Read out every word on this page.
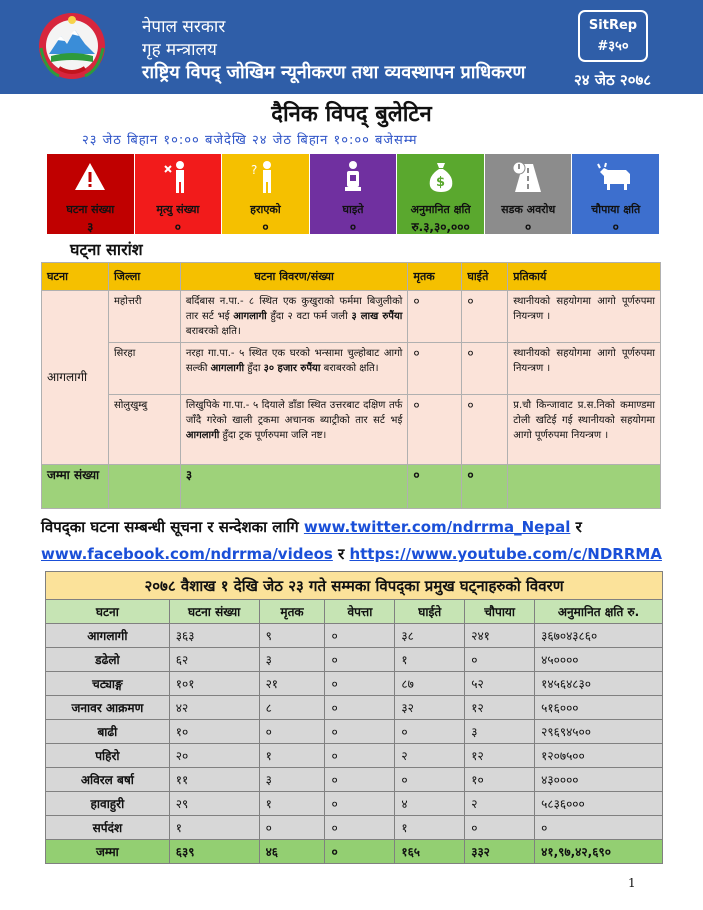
नेपाल सरकार
गृह मन्त्रालय
राष्ट्रिय विपद् जोखिम न्यूनीकरण तथा व्यवस्थापन प्राधिकरण
SitRep
#३५०
२४ जेठ २०७८
दैनिक विपद् बुलेटिन
२३ जेठ बिहान १०:०० बजेदेखि २४ जेठ बिहान १०:०० बजेसम्म
घटना संख्या
३
मृत्यु संख्या
०
?
हराएको
०
घाइते
०
$
अनुमानित क्षति
रु.३,३०,०००
सडक अवरोध
०
चौपाया क्षति
०
घट्ना सारांश
घटना	जिल्ला	घटना विवरण/संख्या	मृतक	घाईते	प्रतिकार्य
आगलागी	महोत्तरी	बर्दिबास न.पा.- ८ स्थित एक कुखुराको फर्ममा बिजुलीको तार सर्ट भई आगलागी हुँदा २ वटा फर्म जली ३ लाख रुपैंया बराबरको क्षति।	०	०	स्थानीयको सहयोगमा आगो पूर्णरुपमा नियन्त्रण ।
	सिरहा	नरहा गा.पा.- ५ स्थित एक घरको भन्सामा चुल्होबाट आगो सल्की आगलागी हुँदा ३० हजार रुपैंया बराबरको क्षति।	०	०	स्थानीयको सहयोगमा आगो पूर्णरुपमा नियन्त्रण ।
	सोलुखुम्बु	लिखुपिके गा.पा.- ५ दियाले डाँडा स्थित उत्तरबाट दक्षिण तर्फ जाँदै गरेको खाली ट्रकमा अचानक ब्याट्रीको तार सर्ट भई आगलागी हुँदा ट्रक पूर्णरुपमा जलि नष्ट।	०	०	प्र.चौ किन्जावाट प्र.स.निको कमाण्डमा टोली खटिई गई स्थानीयको सहयोगमा आगो पूर्णरुपमा नियन्त्रण ।
जम्मा संख्या		३	०	०	
विपद्का घटना सम्बन्धी सूचना र सन्देशका लागि www.twitter.com/ndrrma_Nepal र
www.facebook.com/ndrrma/videos र https://www.youtube.com/c/NDRRMA
२०७८ वैशाख १ देखि जेठ २३ गते सम्मका विपद्का प्रमुख घट्नाहरुको विवरण						
घटना	घटना संख्या	मृतक	वेपत्ता	घाईते	चौपाया	अनुमानित क्षति रु.
आगलागी	३६३	९	०	३८	२४१	३६७०४३८६०
डढेलो	६२	३	०	१	०	४५००००
चट्याङ्ग	१०१	२१	०	८७	५२	१४५६४८३०
जनावर आक्रमण	४२	८	०	३२	१२	५१६०००
बाढी	१०	०	०	०	३	२९६९४५००
पहिरो	२०	१	०	२	१२	१२०७५००
अविरल बर्षा	११	३	०	०	१०	४३००००
हावाहुरी	२९	१	०	४	२	५८३६०००
सर्पदंश	१	०	०	१	०	०
जम्मा	६३९	४६	०	१६५	३३२	४१,९७,४२,६९०
1
